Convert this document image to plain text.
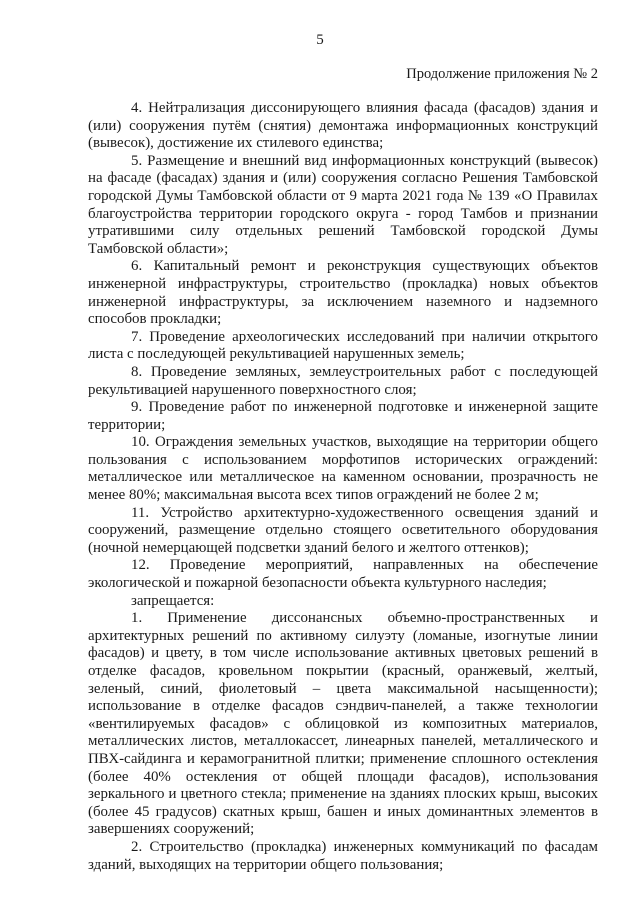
5
Продолжение приложения № 2

4. Нейтрализация диссонирующего влияния фасада (фасадов) здания и (или) сооружения путём (снятия) демонтажа информационных конструкций (вывесок), достижение их стилевого единства;

5. Размещение и внешний вид информационных конструкций (вывесок) на фасаде (фасадах) здания и (или) сооружения согласно Решения Тамбовской городской Думы Тамбовской области от 9 марта 2021 года № 139 «О Правилах благоустройства территории городского округа - город Тамбов и признании утратившими силу отдельных решений Тамбовской городской Думы Тамбовской области»;

6. Капитальный ремонт и реконструкция существующих объектов инженерной инфраструктуры, строительство (прокладка) новых объектов инженерной инфраструктуры, за исключением наземного и надземного способов прокладки;

7. Проведение археологических исследований при наличии открытого листа с последующей рекультивацией нарушенных земель;

8. Проведение земляных, землеустроительных работ с последующей рекультивацией нарушенного поверхностного слоя;

9. Проведение работ по инженерной подготовке и инженерной защите территории;

10. Ограждения земельных участков, выходящие на территории общего пользования с использованием морфотипов исторических ограждений: металлическое или металлическое на каменном основании, прозрачность не менее 80%; максимальная высота всех типов ограждений не более 2 м;

11. Устройство архитектурно-художественного освещения зданий и сооружений, размещение отдельно стоящего осветительного оборудования (ночной немерцающей подсветки зданий белого и желтого оттенков);

12. Проведение мероприятий, направленных на обеспечение экологической и пожарной безопасности объекта культурного наследия;

запрещается:

1. Применение диссонансных объемно-пространственных и архитектурных решений по активному силуэту (ломаные, изогнутые линии фасадов) и цвету, в том числе использование активных цветовых решений в отделке фасадов, кровельном покрытии (красный, оранжевый, желтый, зеленый, синий, фиолетовый – цвета максимальной насыщенности); использование в отделке фасадов сэндвич-панелей, а также технологии «вентилируемых фасадов» с облицовкой из композитных материалов, металлических листов, металлокассет, линеарных панелей, металлического и ПВХ-сайдинга и керамогранитной плитки; применение сплошного остекления (более 40% остекления от общей площади фасадов), использования зеркального и цветного стекла; применение на зданиях плоских крыш, высоких (более 45 градусов) скатных крыш, башен и иных доминантных элементов в завершениях сооружений;

2. Строительство (прокладка) инженерных коммуникаций по фасадам зданий, выходящих на территории общего пользования;
